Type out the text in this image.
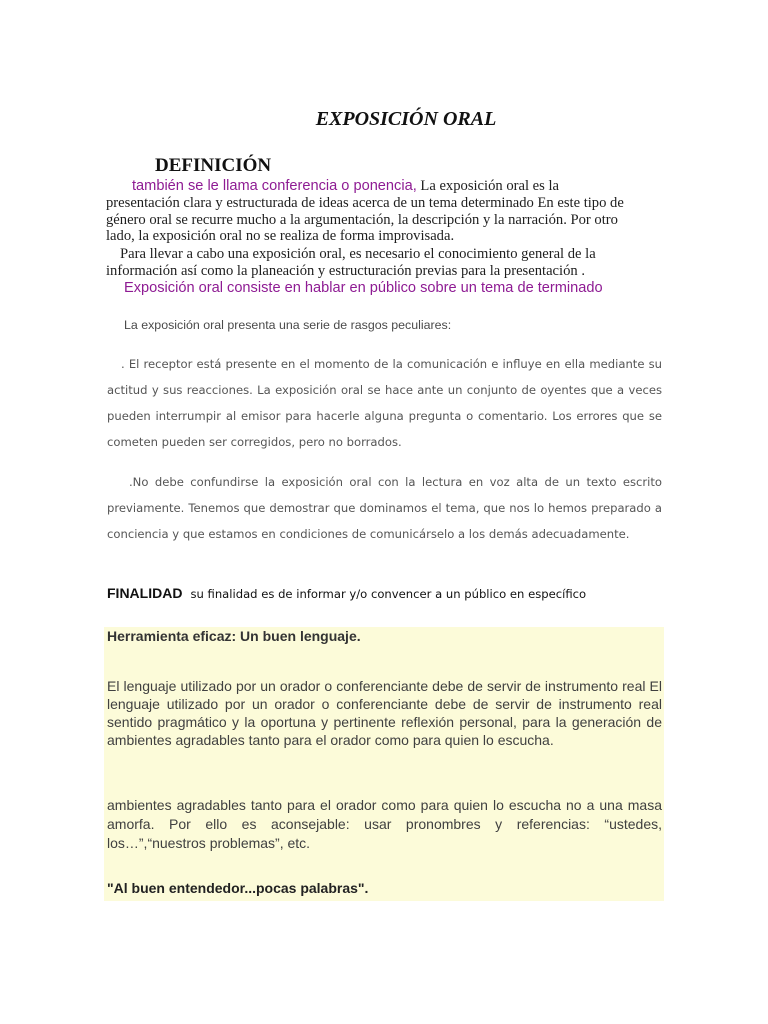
EXPOSICIÓN ORAL
DEFINICIÓN

también se le llama conferencia o ponencia, La exposición oral es la presentación clara y estructurada de ideas acerca de un tema determinado En este tipo de género oral se recurre mucho a la argumentación, la descripción y la narración. Por otro lado, la exposición oral no se realiza de forma improvisada.

Para llevar a cabo una exposición oral, es necesario el conocimiento general de la información así como la planeación y estructuración previas para la presentación .

Exposición oral consiste en hablar en público sobre un tema de terminado

La exposición oral presenta una serie de rasgos peculiares:

. El receptor está presente en el momento de la comunicación e influye en ella mediante su actitud y sus reacciones. La exposición oral se hace ante un conjunto de oyentes que a veces pueden interrumpir al emisor para hacerle alguna pregunta o comentario. Los errores que se cometen pueden ser corregidos, pero no borrados.

.No debe confundirse la exposición oral con la lectura en voz alta de un texto escrito previamente. Tenemos que demostrar que dominamos el tema, que nos lo hemos preparado a conciencia y que estamos en condiciones de comunicárselo a los demás adecuadamente.

FINALIDAD su finalidad es de informar y/o convencer a un público en específico

Herramienta eficaz: Un buen lenguaje.

El lenguaje utilizado por un orador o conferenciante debe de servir de instrumento real El lenguaje utilizado por un orador o conferenciante debe de servir de instrumento real sentido pragmático y la oportuna y pertinente reflexión personal, para la generación de ambientes agradables tanto para el orador como para quien lo escucha.

ambientes agradables tanto para el orador como para quien lo escucha no a una masa amorfa. Por ello es aconsejable: usar pronombres y referencias: “ustedes, los…”,“nuestros problemas”, etc.

"Al buen entendedor...pocas palabras".
